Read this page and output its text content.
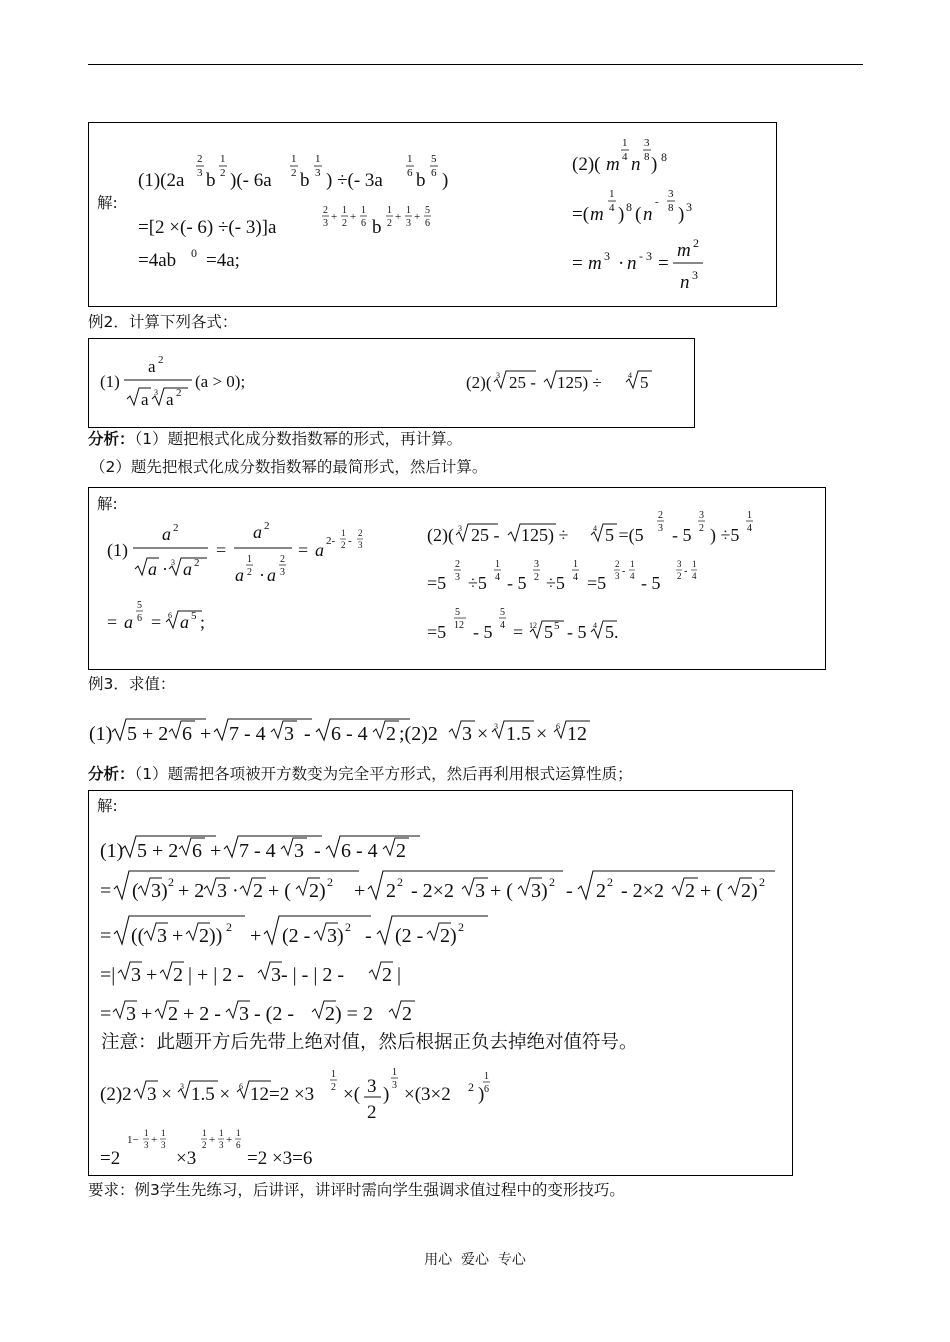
解:
(1)(2a
2
3 b
1
2 )(- 6a
1
2 b
1
3 ) ÷(- 3a
1
6 b
5
6 )
=[2 ×(- 6) ÷(- 3)]a
2
3
+
1
2
+
1
6 b
1
2
+
1
3
+
5
6
=4ab 0 =4a;
(2)( m
1
4 n
3
8 ) 8
=( m
1
4 ) 8 ( n
-
3
8 ) 3
= m 3 · n - 3 =
m 2
n 3
例2．计算下列各式：
(1)
a 2
a 3 a 2
(a > 0);	(2)( 3 25 - 125) ÷	4 5
分析：（1）题把根式化成分数指数幂的形式，再计算。
（2）题先把根式化成分数指数幂的最简形式，然后计算。
解:
(1)
a 2
a · 3 a 2
=
a 2
a
1
2 · a
2
3
= a 2-
1
2 -
2
3
= a
5
6 = 6 a 5 ;
(2)( 3 25 - 125) ÷	4 5 =(5
2
3 - 5
3
2 ) ÷5
1
4
=5
2
3 ÷5
1
4 - 5
3
2 ÷5
1
4 =5
2
3 -
1
4 - 5
3
2 -
1
4
=5
5
12 - 5
5
4 = 12 5 5 - 5 4 5.
例3．求值：
(1) 5 + 2 6 + 7 - 4 3 - 6 - 4 2 ;(2)2 3 × 3 1.5 × 6 12
分析：（1）题需把各项被开方数变为完全平方形式，然后再利用根式运算性质；
解:
(1) 5 + 2 6 + 7 - 4 3 - 6 - 4 2
= ( 3) 2 + 2 3 · 2 + ( 2) 2 + 2 2 - 2×2 3 + ( 3) 2 - 2 2 - 2×2 2 + ( 2) 2
= (( 3 + 2)) 2 + (2 - 3) 2 - (2 - 2) 2
=| 3 + 2 | + | 2 - 3- | - | 2 - 2 |
= 3 + 2 + 2 - 3 - (2 - 2) = 2 2
(2)2 3 × 3 1.5 × 6 12=2 ×3
1
2 ×( 3
2
)
1
3 ×(3×2 2 )
1
6
=2
1−
1
3 +
1
3
×3
1
2 +
1
3 +
1
6
=2 ×3=6
注意：此题开方后先带上绝对值，然后根据正负去掉绝对值符号。
要求：例3学生先练习，后讲评，讲评时需向学生强调求值过程中的变形技巧。
用心  爱心  专心
